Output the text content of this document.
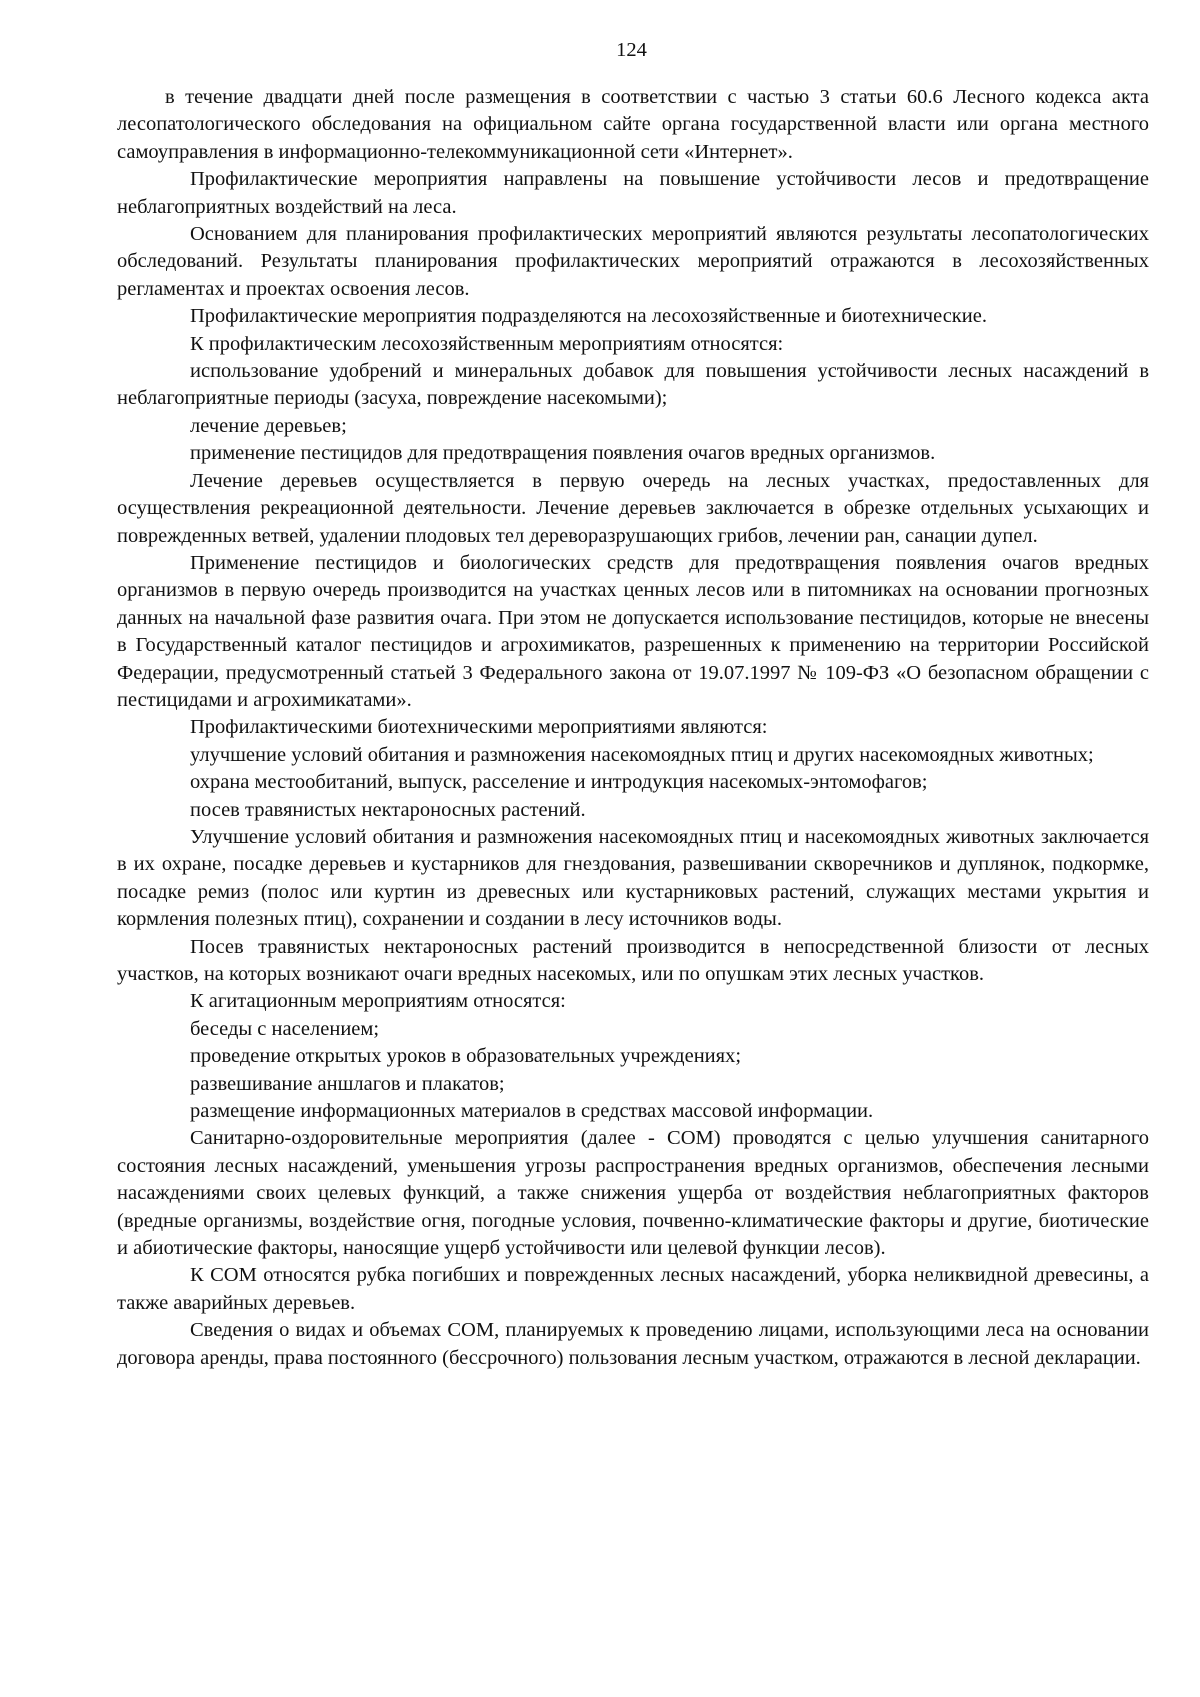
124

в течение двадцати дней после размещения в соответствии с частью 3 статьи 60.6 Лесного кодекса акта лесопатологического обследования на официальном сайте органа государственной власти или органа местного самоуправления в информационно-телекоммуникационной сети «Интернет».

Профилактические мероприятия направлены на повышение устойчивости лесов и предотвращение неблагоприятных воздействий на леса.

Основанием для планирования профилактических мероприятий являются результаты лесопатологических обследований. Результаты планирования профилактических мероприятий отражаются в лесохозяйственных регламентах и проектах освоения лесов.

Профилактические мероприятия подразделяются на лесохозяйственные и биотехнические.

К профилактическим лесохозяйственным мероприятиям относятся:

использование удобрений и минеральных добавок для повышения устойчивости лесных насаждений в неблагоприятные периоды (засуха, повреждение насекомыми);

лечение деревьев;

применение пестицидов для предотвращения появления очагов вредных организмов.

Лечение деревьев осуществляется в первую очередь на лесных участках, предоставленных для осуществления рекреационной деятельности. Лечение деревьев заключается в обрезке отдельных усыхающих и поврежденных ветвей, удалении плодовых тел дереворазрушающих грибов, лечении ран, санации дупел.

Применение пестицидов и биологических средств для предотвращения появления очагов вредных организмов в первую очередь производится на участках ценных лесов или в питомниках на основании прогнозных данных на начальной фазе развития очага. При этом не допускается использование пестицидов, которые не внесены в Государственный каталог пестицидов и агрохимикатов, разрешенных к применению на территории Российской Федерации, предусмотренный статьей 3 Федерального закона от 19.07.1997 № 109-ФЗ «О безопасном обращении с пестицидами и агрохимикатами».

Профилактическими биотехническими мероприятиями являются:

улучшение условий обитания и размножения насекомоядных птиц и других насекомоядных животных;

охрана местообитаний, выпуск, расселение и интродукция насекомых-энтомофагов;

посев травянистых нектароносных растений.

Улучшение условий обитания и размножения насекомоядных птиц и насекомоядных животных заключается в их охране, посадке деревьев и кустарников для гнездования, развешивании скворечников и дуплянок, подкормке, посадке ремиз (полос или куртин из древесных или кустарниковых растений, служащих местами укрытия и кормления полезных птиц), сохранении и создании в лесу источников воды.

Посев травянистых нектароносных растений производится в непосредственной близости от лесных участков, на которых возникают очаги вредных насекомых, или по опушкам этих лесных участков.

К агитационным мероприятиям относятся:

беседы с населением;

проведение открытых уроков в образовательных учреждениях;

развешивание аншлагов и плакатов;

размещение информационных материалов в средствах массовой информации.

Санитарно-оздоровительные мероприятия (далее - СОМ) проводятся с целью улучшения санитарного состояния лесных насаждений, уменьшения угрозы распространения вредных организмов, обеспечения лесными насаждениями своих целевых функций, а также снижения ущерба от воздействия неблагоприятных факторов (вредные организмы, воздействие огня, погодные условия, почвенно-климатические факторы и другие, биотические и абиотические факторы, наносящие ущерб устойчивости или целевой функции лесов).

К СОМ относятся рубка погибших и поврежденных лесных насаждений, уборка неликвидной древесины, а также аварийных деревьев.

Сведения о видах и объемах СОМ, планируемых к проведению лицами, использующими леса на основании договора аренды, права постоянного (бессрочного) пользования лесным участком, отражаются в лесной декларации.
